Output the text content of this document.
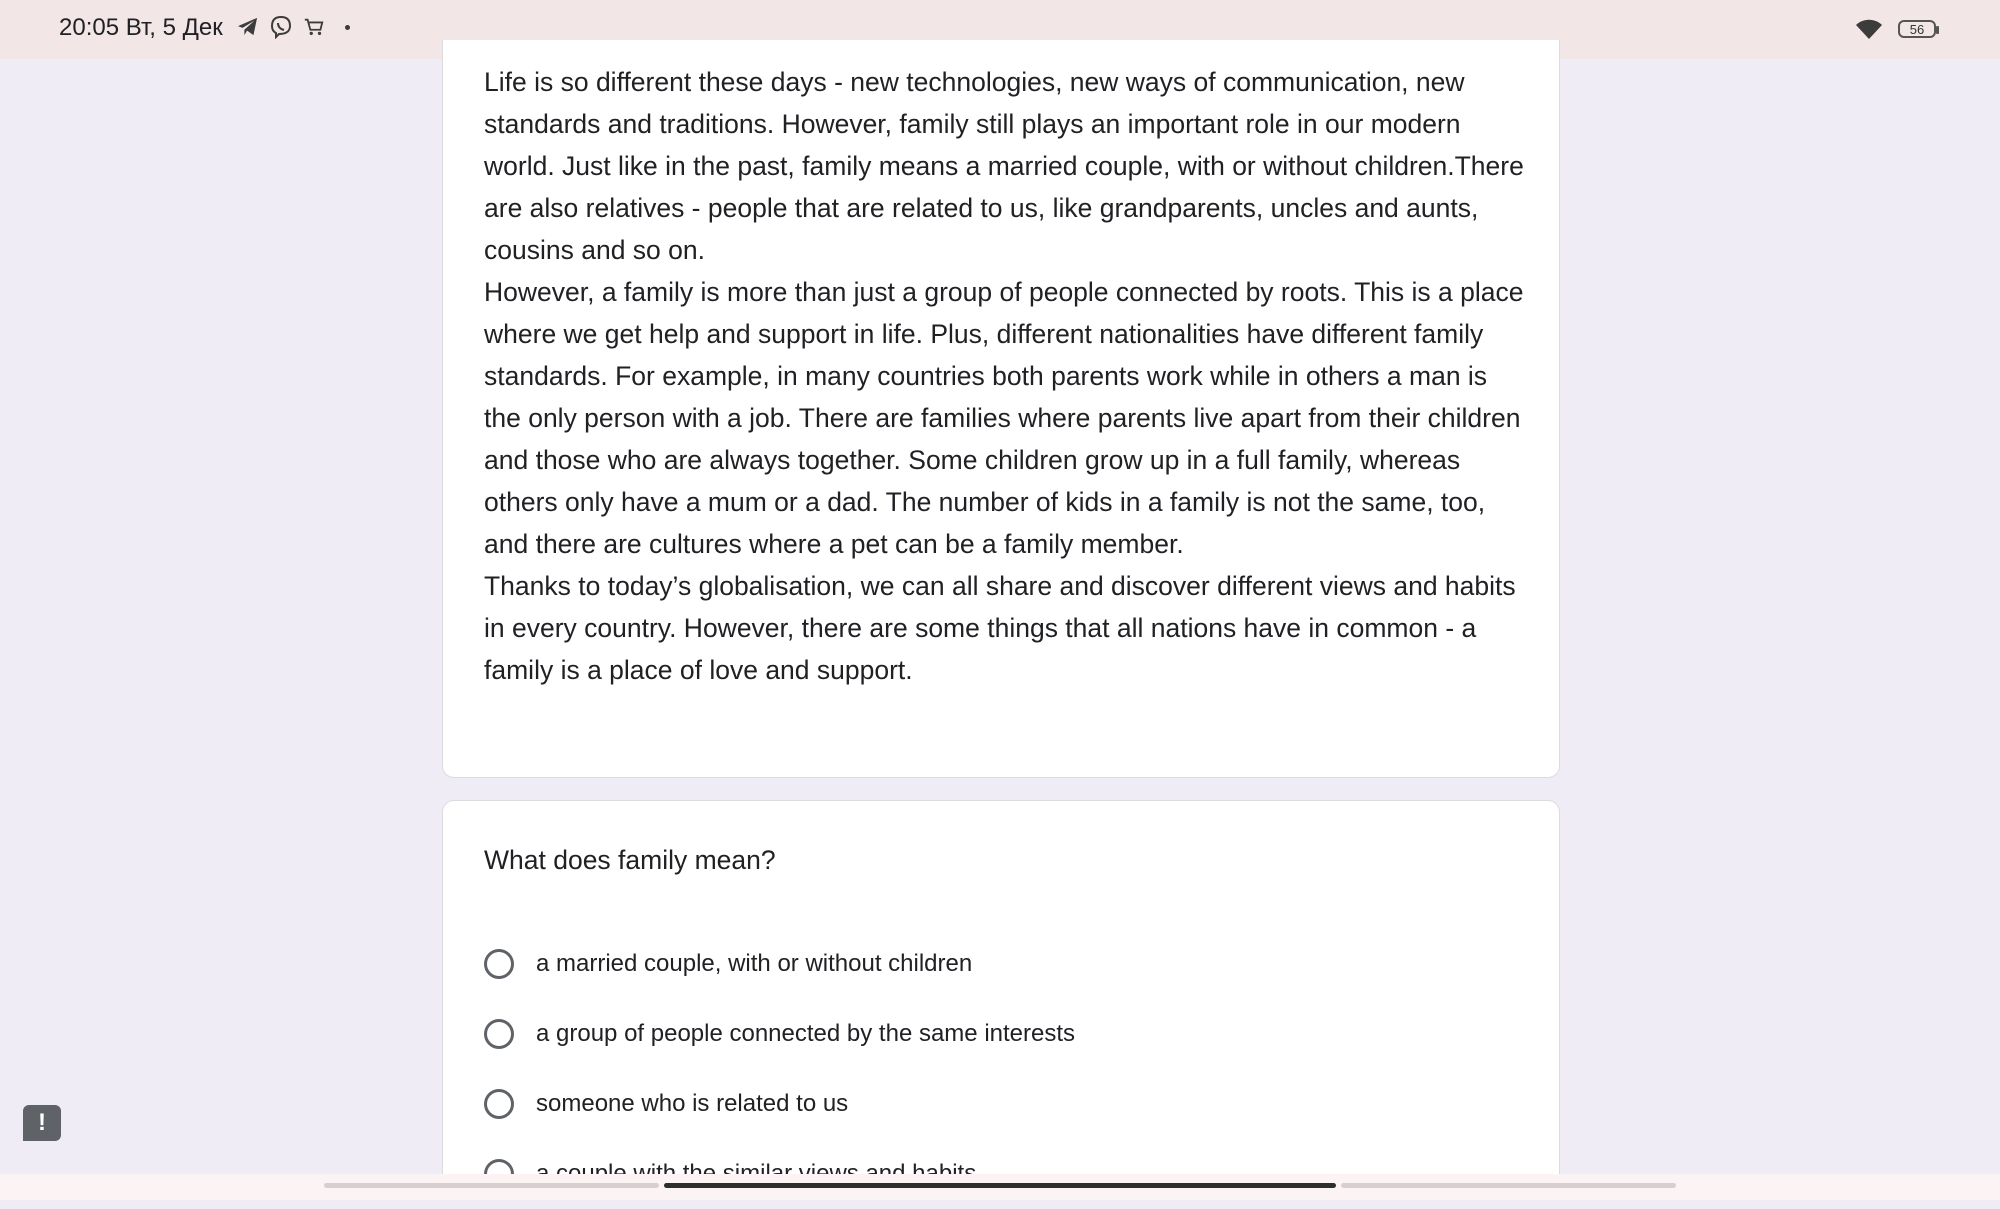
20:05 Вт, 5 Дек	56

Life is so different these days - new technologies, new ways of communication, new standards and traditions. However, family still plays an important role in our modern world. Just like in the past, family means a married couple, with or without children.There are also relatives - people that are related to us, like grandparents, uncles and aunts, cousins and so on.

However, a family is more than just a group of people connected by roots. This is a place where we get help and support in life. Plus, different nationalities have different family standards. For example, in many countries both parents work while in others a man is the only person with a job. There are families where parents live apart from their children and those who are always together. Some children grow up in a full family, whereas others only have a mum or a dad. The number of kids in a family is not the same, too, and there are cultures where a pet can be a family member.

Thanks to today’s globalisation, we can all share and discover different views and habits in every country. However, there are some things that all nations have in common - a family is a place of love and support.

What does family mean?
a married couple, with or without children
a group of people connected by the same interests
someone who is related to us
!
